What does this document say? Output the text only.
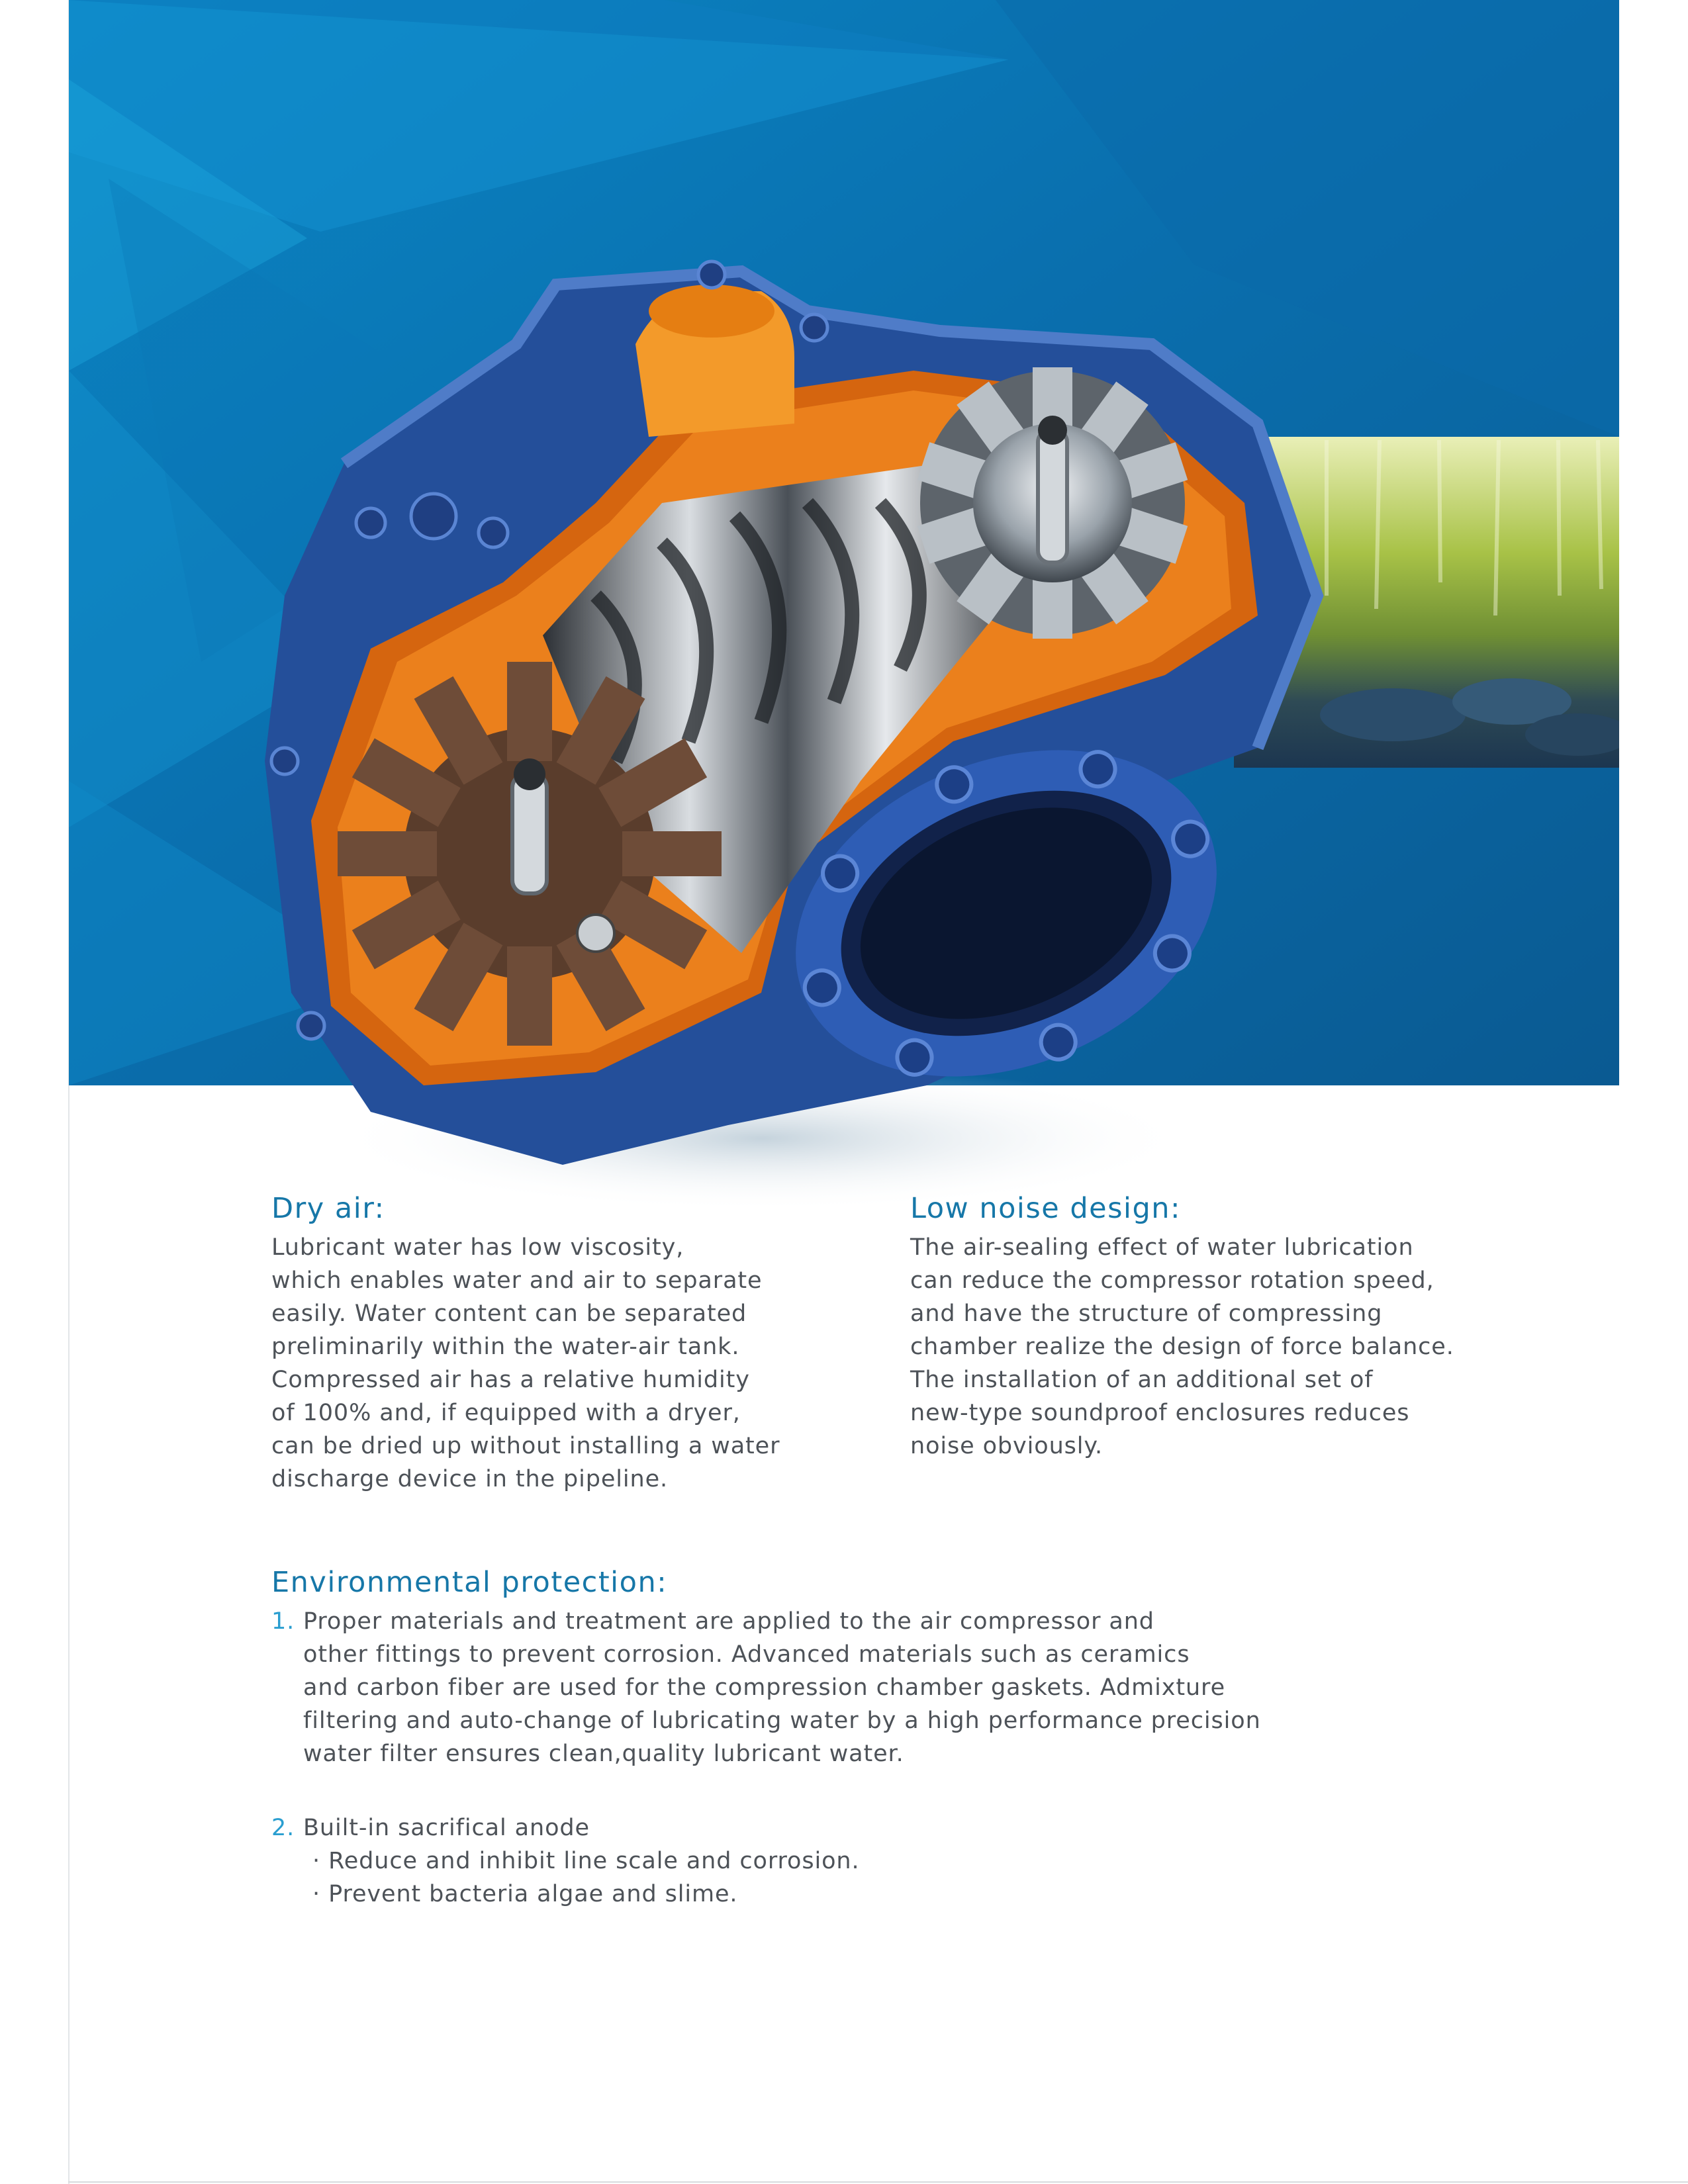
Dry air:
Lubricant water has low viscosity,
which enables water and air to separate
easily. Water content can be separated
preliminarily within the water-air tank.
Compressed air has a relative humidity
of 100% and, if equipped with a dryer,
can be dried up without installing a water
discharge device in the pipeline.
Low noise design:
The air-sealing effect of water lubrication
can reduce the compressor rotation speed,
and have the structure of compressing
chamber realize the design of force balance.
The installation of an additional set of
new-type soundproof enclosures reduces
noise obviously.
Environmental protection:
1. Proper materials and treatment are applied to the air compressor and
other fittings to prevent corrosion. Advanced materials such as ceramics
and carbon fiber are used for the compression chamber gaskets. Admixture
filtering and auto-change of lubricating water by a high performance precision
water filter ensures clean,quality lubricant water.
2. Built-in sacrifical anode
· Reduce and inhibit line scale and corrosion.
· Prevent bacteria algae and slime.
